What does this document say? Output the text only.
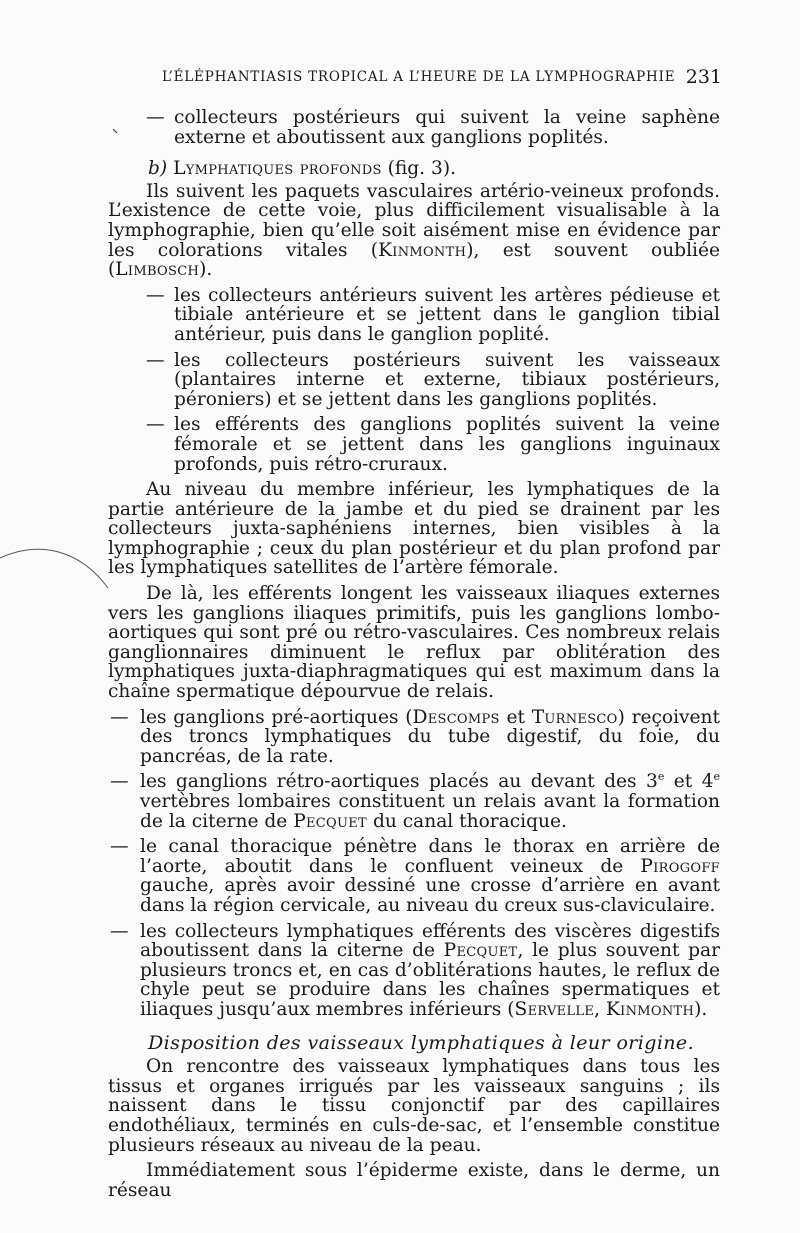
L’ÉLÉPHANTIASIS TROPICAL A L’HEURE DE LA LYMPHOGRAPHIE 231
— collecteurs postérieurs qui suivent la veine saphène externe et aboutissent aux ganglions poplités.

b) Lymphatiques profonds (fig. 3).

Ils suivent les paquets vasculaires artério-veineux profonds. L’existence de cette voie, plus difficilement visualisable à la lymphographie, bien qu’elle soit aisément mise en évidence par les colorations vitales (Kinmonth), est souvent oubliée (Limbosch).

— les collecteurs antérieurs suivent les artères pédieuse et tibiale antérieure et se jettent dans le ganglion tibial antérieur, puis dans le ganglion poplité.
— les collecteurs postérieurs suivent les vaisseaux (plantaires interne et externe, tibiaux postérieurs, péroniers) et se jettent dans les ganglions poplités.
— les efférents des ganglions poplités suivent la veine fémorale et se jettent dans les ganglions inguinaux profonds, puis rétro-cruraux.

Au niveau du membre inférieur, les lymphatiques de la partie antérieure de la jambe et du pied se drainent par les collecteurs juxta-saphéniens internes, bien visibles à la lymphographie ; ceux du plan postérieur et du plan profond par les lymphatiques satellites de l’artère fémorale.

De là, les efférents longent les vaisseaux iliaques externes vers les ganglions iliaques primitifs, puis les ganglions lombo-aortiques qui sont pré ou rétro-vasculaires. Ces nombreux relais ganglionnaires diminuent le reflux par oblitération des lymphatiques juxta-diaphragmatiques qui est maximum dans la chaîne spermatique dépourvue de relais.

— les ganglions pré-aortiques (Descomps et Turnesco) reçoivent des troncs lymphatiques du tube digestif, du foie, du pancréas, de la rate.
— les ganglions rétro-aortiques placés au devant des 3e et 4e vertèbres lombaires constituent un relais avant la formation de la citerne de Pecquet du canal thoracique.
— le canal thoracique pénètre dans le thorax en arrière de l’aorte, aboutit dans le confluent veineux de Pirogoff gauche, après avoir dessiné une crosse d’arrière en avant dans la région cervicale, au niveau du creux sus-claviculaire.
— les collecteurs lymphatiques efférents des viscères digestifs aboutissent dans la citerne de Pecquet, le plus souvent par plusieurs troncs et, en cas d’oblitérations hautes, le reflux de chyle peut se produire dans les chaînes spermatiques et iliaques jusqu’aux membres inférieurs (Servelle, Kinmonth).

Disposition des vaisseaux lymphatiques à leur origine.

On rencontre des vaisseaux lymphatiques dans tous les tissus et organes irrigués par les vaisseaux sanguins ; ils naissent dans le tissu conjonctif par des capillaires endothéliaux, terminés en culs-de-sac, et l’ensemble constitue plusieurs réseaux au niveau de la peau.

Immédiatement sous l’épiderme existe, dans le derme, un réseau
